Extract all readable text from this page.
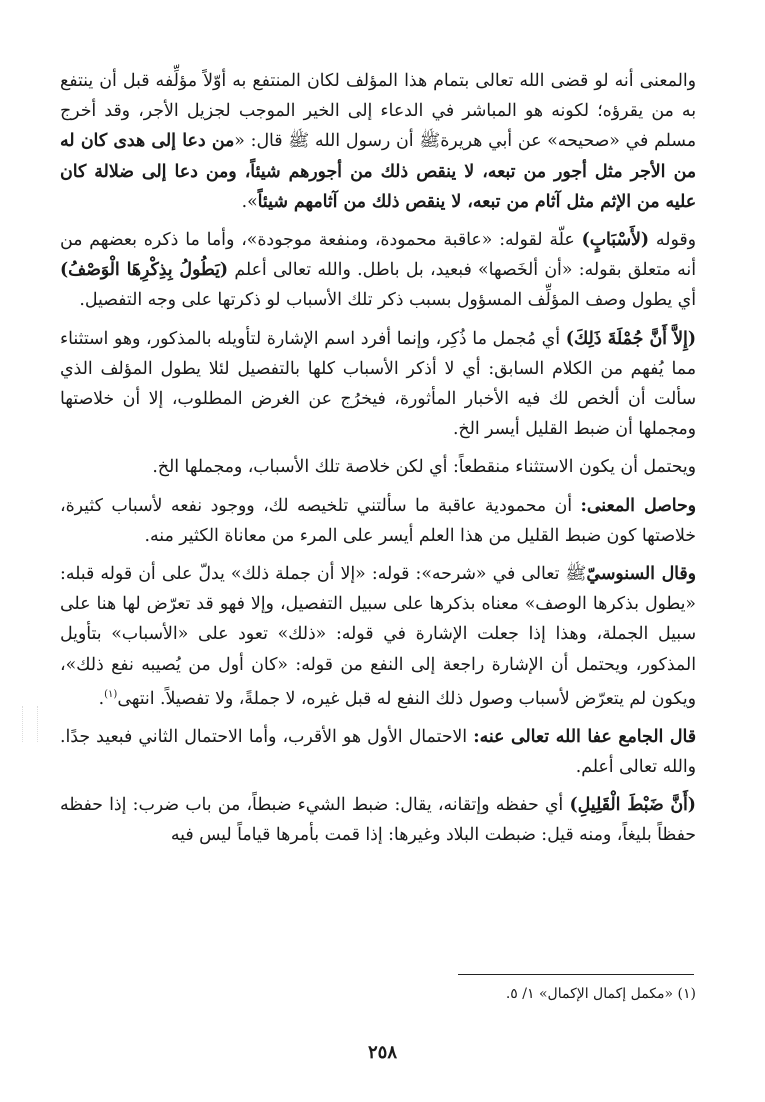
والمعنى أنه لو قضى الله تعالى بتمام هذا المؤلف لكان المنتفع به أوّلاً مؤلِّفه قبل أن ينتفع به من يقرؤه؛ لكونه هو المباشر في الدعاء إلى الخير الموجب لجزيل الأجر، وقد أخرج مسلم في «صحيحه» عن أبي هريرةﷺ أن رسول الله ﷺ قال: «من دعا إلى هدى كان له من الأجر مثل أجور من تبعه، لا ينقص ذلك من أجورهم شيئاً، ومن دعا إلى ضلالة كان عليه من الإثم مثل آثام من تبعه، لا ينقص ذلك من آثامهم شيئاً».

وقوله (لأَسْبَابٍ) علّة لقوله: «عاقبة محمودة، ومنفعة موجودة»، وأما ما ذكره بعضهم من أنه متعلق بقوله: «أن ألخَصها» فبعيد، بل باطل. والله تعالى أعلم (يَطُولُ بِذِكْرِهَا الْوَصْفُ) أي يطول وصف المؤلِّف المسؤول بسبب ذكر تلك الأسباب لو ذكرتها على وجه التفصيل.

(إِلاَّ أَنَّ جُمْلَةَ ذَلِكَ) أي مُجمل ما ذُكِر، وإنما أفرد اسم الإشارة لتأويله بالمذكور، وهو استثناء مما يُفهم من الكلام السابق: أي لا أذكر الأسباب كلها بالتفصيل لئلا يطول المؤلف الذي سألت أن ألخص لك فيه الأخبار المأثورة، فيخرُج عن الغرض المطلوب، إلا أن خلاصتها ومجملها أن ضبط القليل أيسر الخ.

ويحتمل أن يكون الاستثناء منقطعاً: أي لكن خلاصة تلك الأسباب، ومجملها الخ.

وحاصل المعنى: أن محمودية عاقبة ما سألتني تلخيصه لك، ووجود نفعه لأسباب كثيرة، خلاصتها كون ضبط القليل من هذا العلم أيسر على المرء من معاناة الكثير منه.

وقال السنوسيّﷺ تعالى في «شرحه»: قوله: «إلا أن جملة ذلك» يدلّ على أن قوله قبله: «يطول بذكرها الوصف» معناه بذكرها على سبيل التفصيل، وإلا فهو قد تعرّض لها هنا على سبيل الجملة، وهذا إذا جعلت الإشارة في قوله: «ذلك» تعود على «الأسباب» بتأويل المذكور، ويحتمل أن الإشارة راجعة إلى النفع من قوله: «كان أول من يُصيبه نفع ذلك»، ويكون لم يتعرّض لأسباب وصول ذلك النفع له قبل غيره، لا جملةً، ولا تفصيلاً. انتهى$^{(١)}$.

قال الجامع عفا الله تعالى عنه: الاحتمال الأول هو الأقرب، وأما الاحتمال الثاني فبعيد جدًا. والله تعالى أعلم.

(أَنَّ ضَبْطَ الْقَلِيلِ) أي حفظه وإتقانه، يقال: ضبط الشيء ضبطاً، من باب ضرب: إذا حفظه حفظاً بليغاً، ومنه قيل: ضبطت البلاد وغيرها: إذا قمت بأمرها قياماً ليس فيه

(١) «مكمل إكمال الإكمال» ١/ ٥.
٢٥٨
